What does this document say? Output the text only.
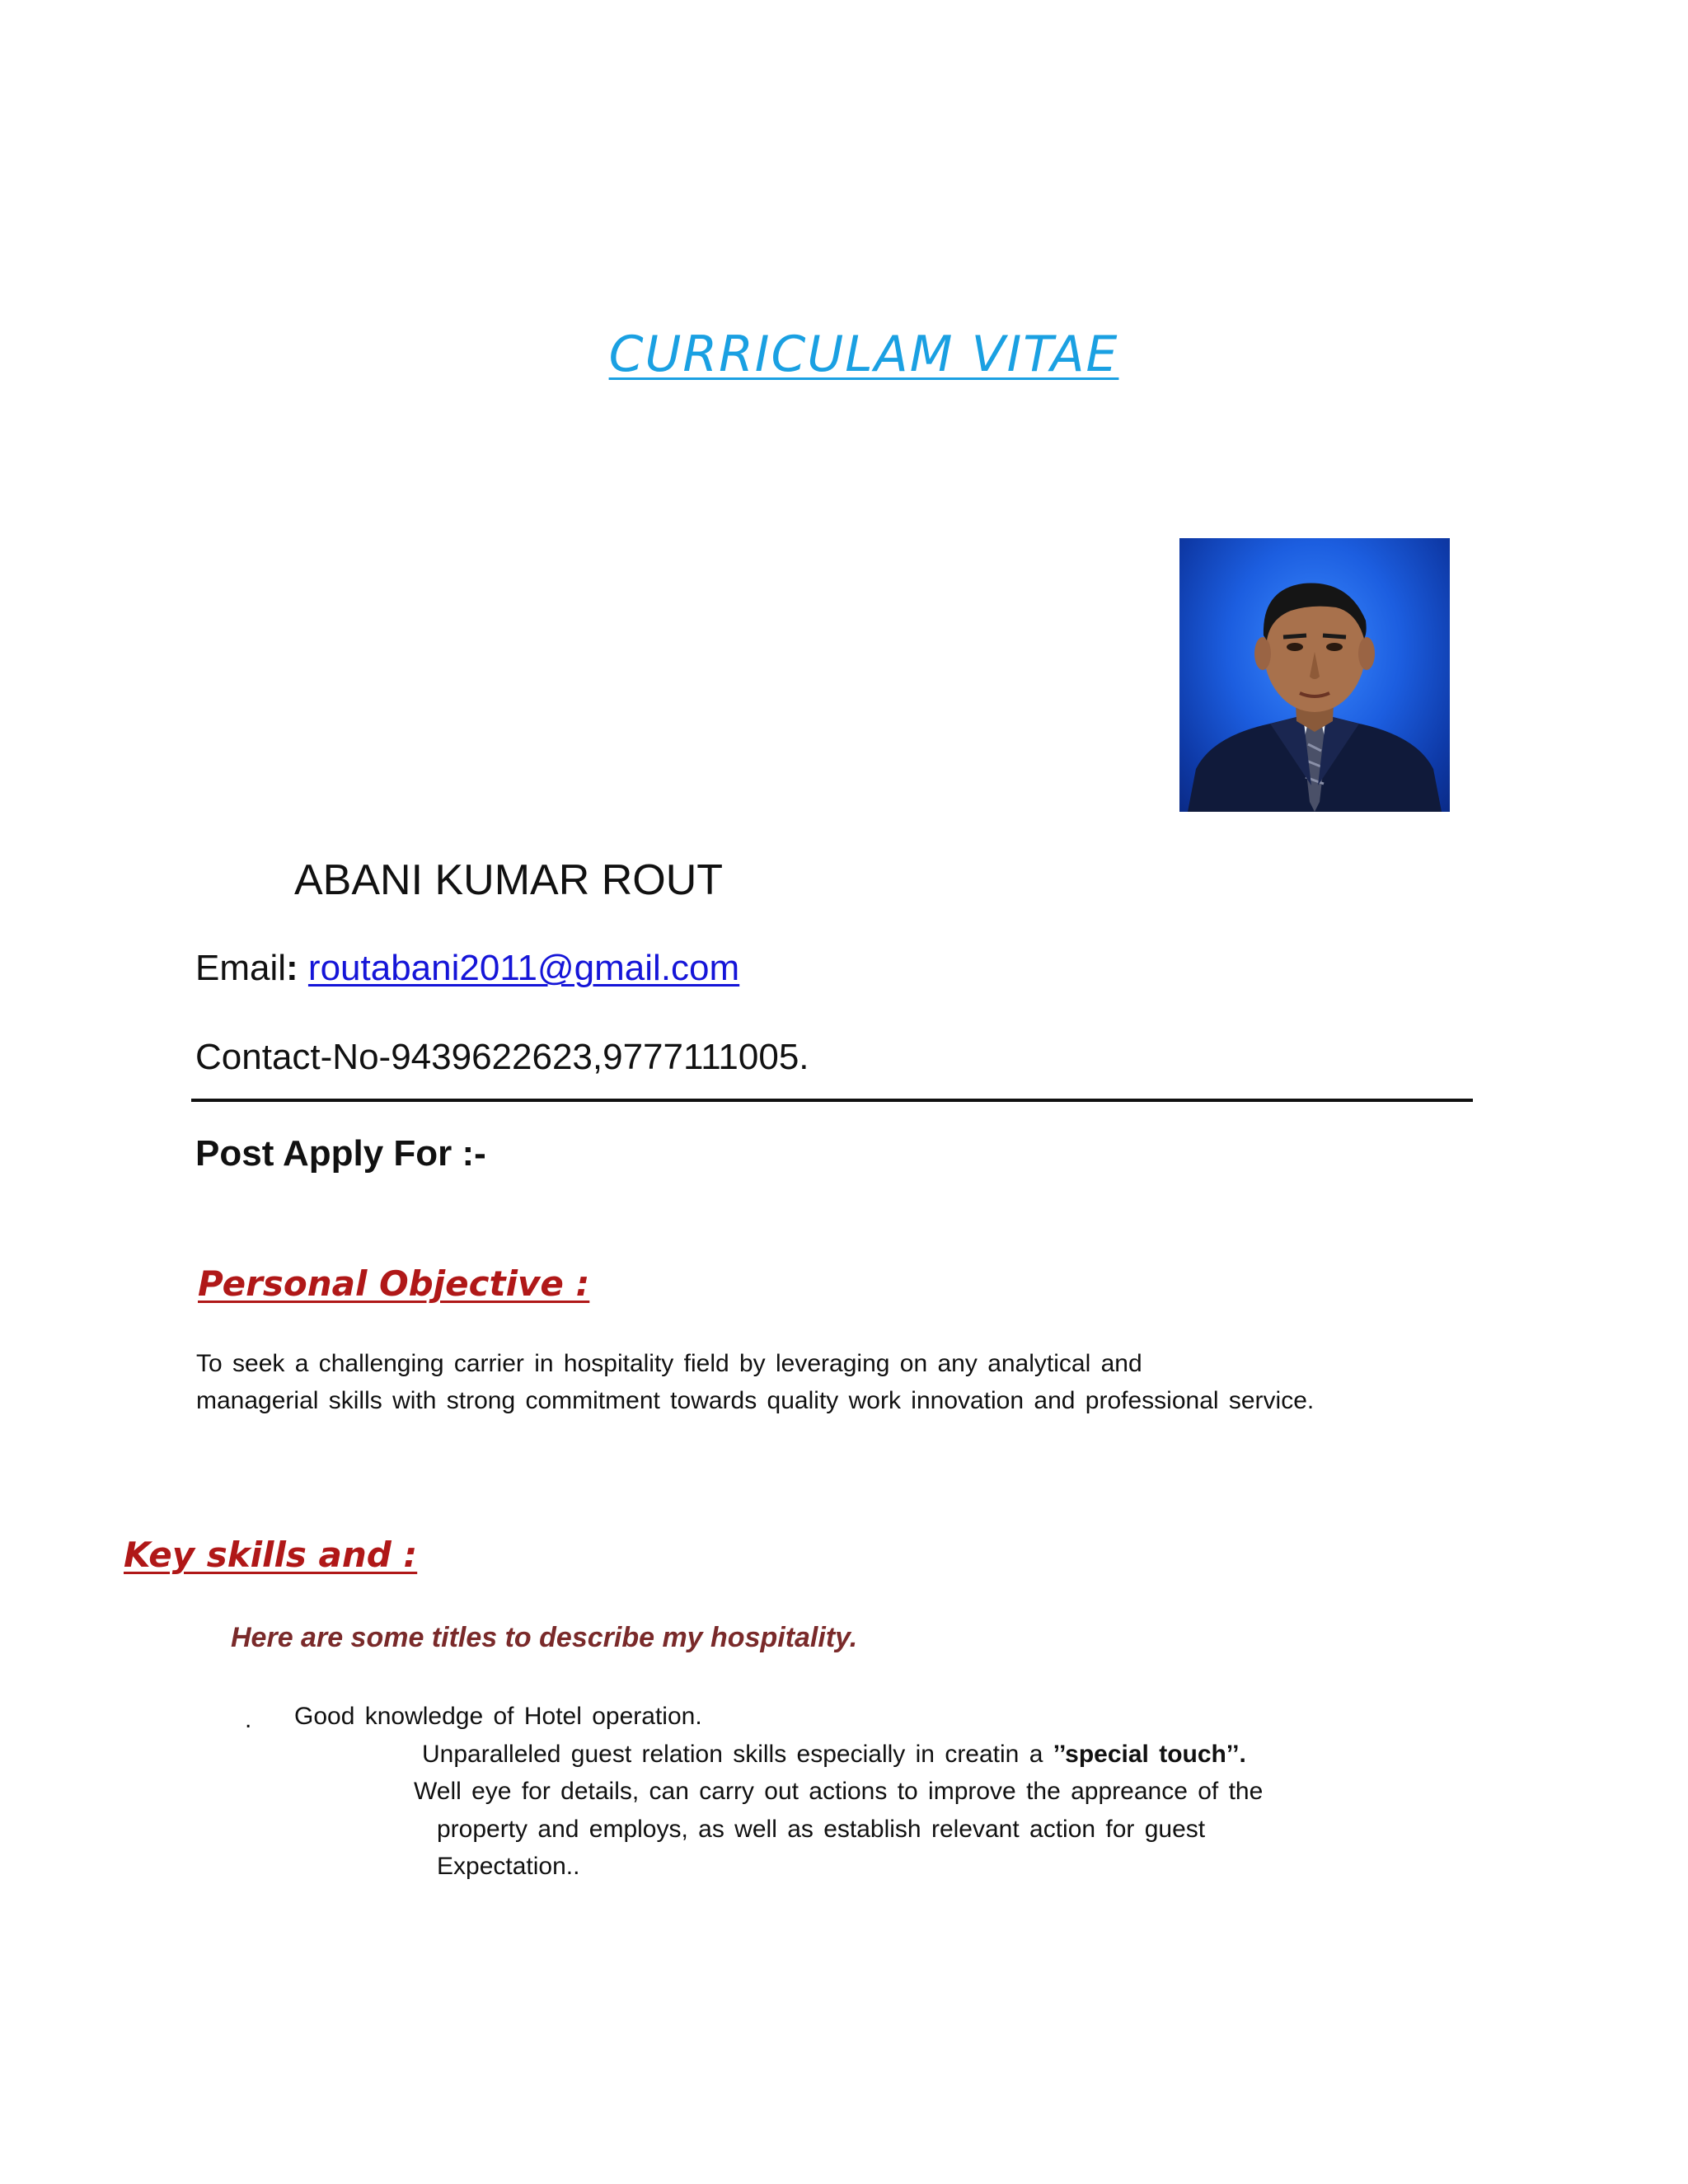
CURRICULAM VITAE
ABANI KUMAR ROUT
Email: routabani2011@gmail.com
Contact-No-9439622623,9777111005.
Post Apply For :-
Personal Objective :
To seek a challenging carrier in hospitality field by leveraging on any analytical and
managerial skills with strong commitment towards quality work innovation and professional service.
Key skills and :
Here are some titles to describe my hospitality.
. Good knowledge of Hotel operation.
Unparalleled guest relation skills especially in creatin a ’’special touch’’.
Well eye for details, can carry out actions to improve the appreance of the
property and employs, as well as establish relevant action for guest
Expectation..
